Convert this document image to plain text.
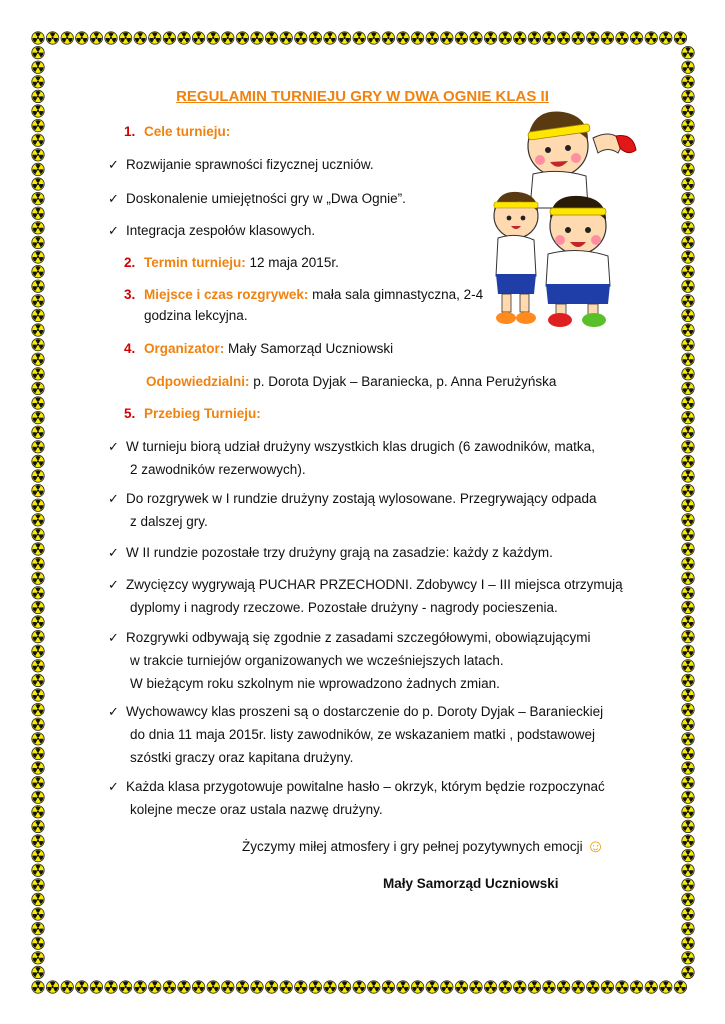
REGULAMIN TURNIEJU GRY W DWA OGNIE KLAS II
1. Cele turnieju:
✓ Rozwijanie sprawności fizycznej uczniów.
✓ Doskonalenie umiejętności gry w „Dwa Ognie”.
✓ Integracja zespołów klasowych.
2. Termin turnieju: 12 maja 2015r.
3. Miejsce i czas rozgrywek: mała sala gimnastyczna, 2-4
godzina lekcyjna.
4. Organizator: Mały Samorząd Uczniowski
Odpowiedzialni: p. Dorota Dyjak – Baraniecka, p. Anna Perużyńska
5. Przebieg Turnieju:
✓ W turnieju biorą udział drużyny wszystkich klas drugich (6 zawodników, matka,
2 zawodników rezerwowych).
✓ Do rozgrywek w I rundzie drużyny zostają wylosowane. Przegrywający odpada
z dalszej gry.
✓ W II rundzie pozostałe trzy drużyny grają na zasadzie: każdy z każdym.
✓ Zwycięzcy wygrywają PUCHAR PRZECHODNI. Zdobywcy I – III miejsca otrzymują
dyplomy i nagrody rzeczowe. Pozostałe drużyny - nagrody pocieszenia.
✓ Rozgrywki odbywają się zgodnie z zasadami szczegółowymi, obowiązującymi
w trakcie turniejów organizowanych we wcześniejszych latach.
W bieżącym roku szkolnym nie wprowadzono żadnych zmian.
✓ Wychowawcy klas proszeni są o dostarczenie do p. Doroty Dyjak – Baranieckiej
do dnia 11 maja 2015r. listy zawodników, ze wskazaniem matki , podstawowej
szóstki graczy oraz kapitana drużyny.
✓ Każda klasa przygotowuje powitalne hasło – okrzyk, którym będzie rozpoczynać
kolejne mecze oraz ustala nazwę drużyny.
Życzymy miłej atmosfery i gry pełnej pozytywnych emocji ☺
Mały Samorząd Uczniowski
